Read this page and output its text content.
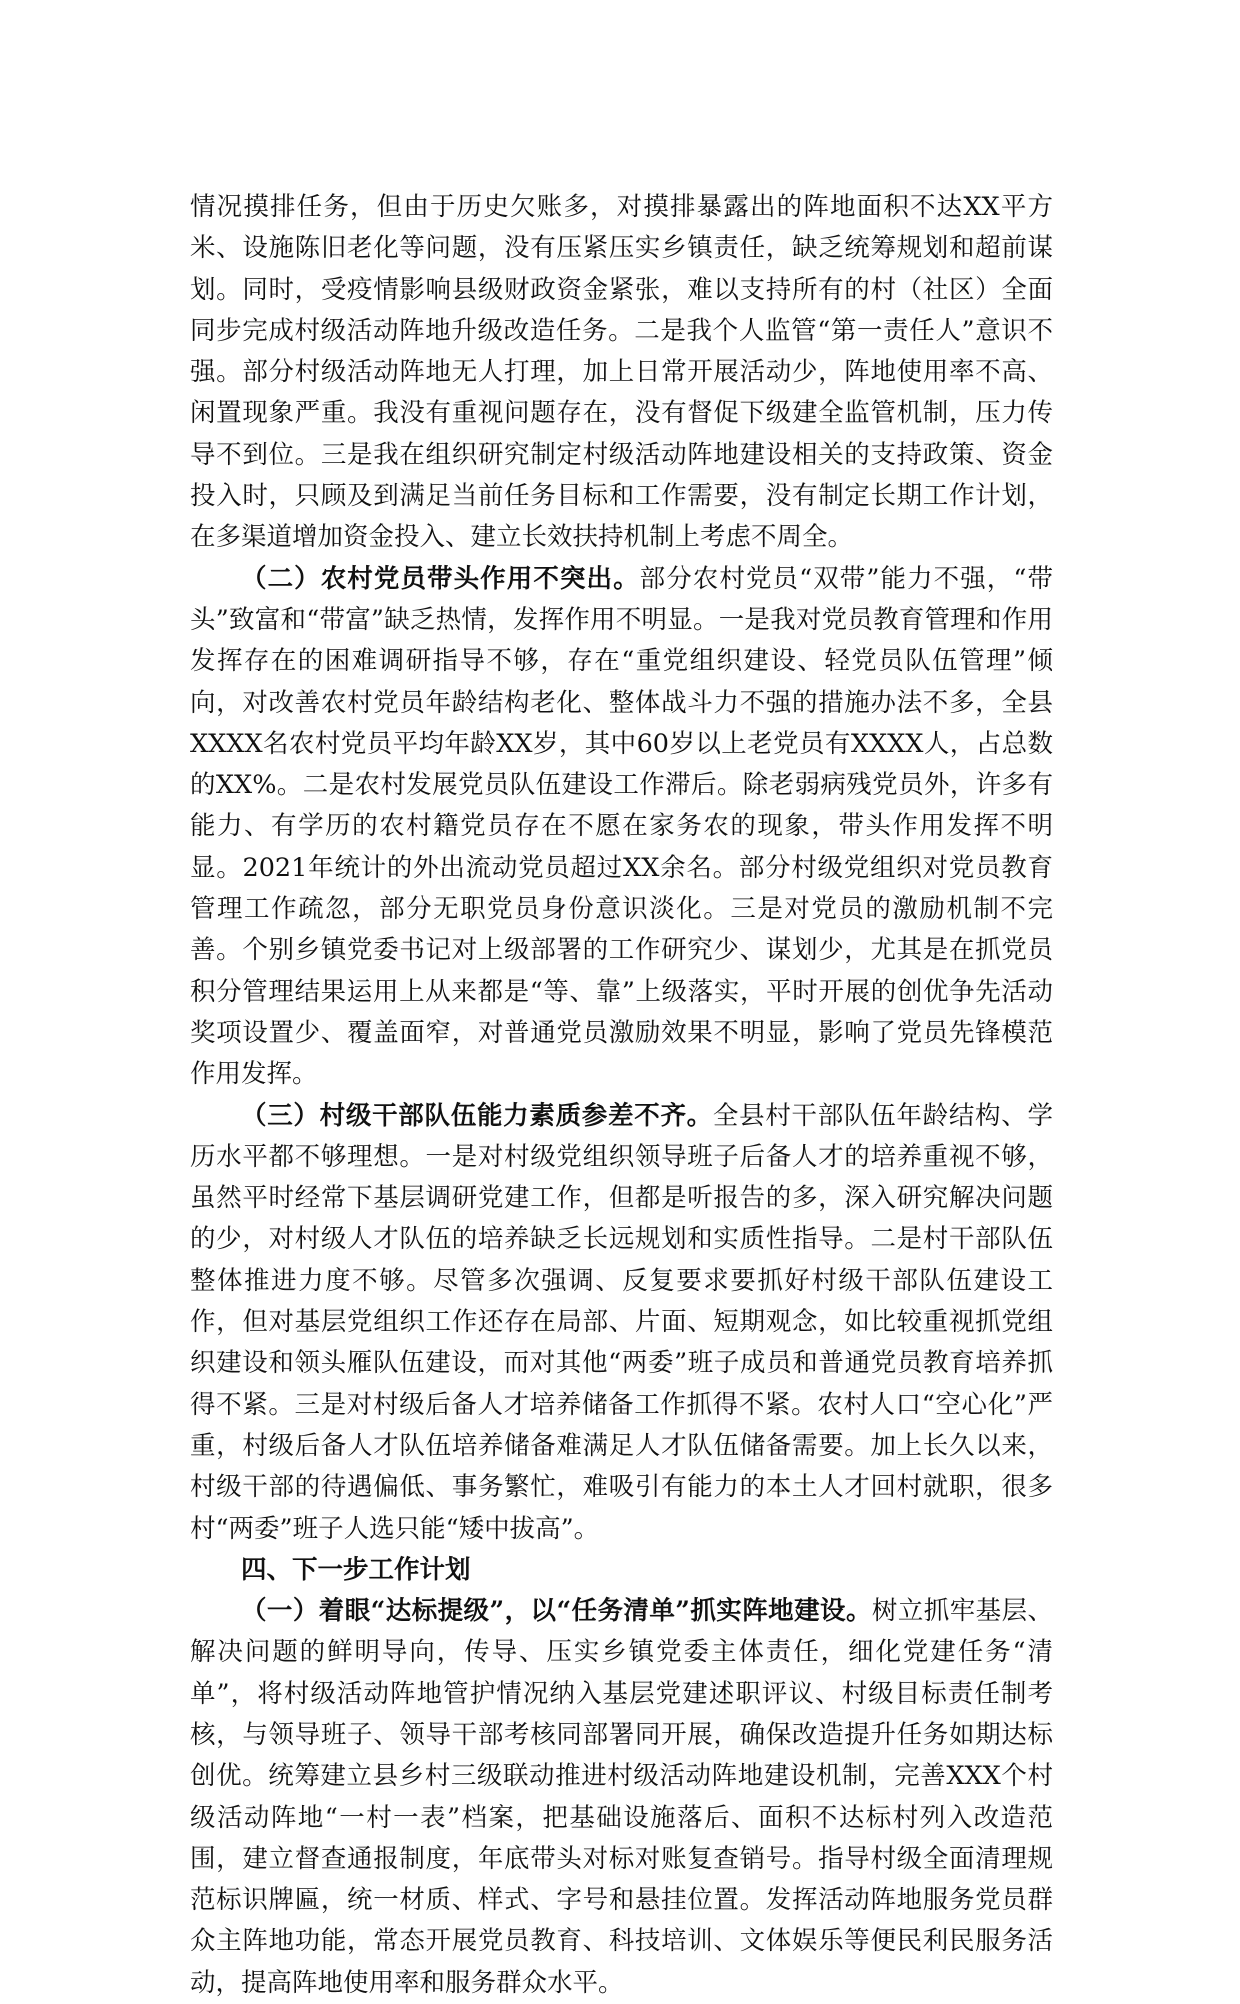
情况摸排任务，但由于历史欠账多，对摸排暴露出的阵地面积不达XX平方米、设施陈旧老化等问题，没有压紧压实乡镇责任，缺乏统筹规划和超前谋划。同时，受疫情影响县级财政资金紧张，难以支持所有的村（社区）全面同步完成村级活动阵地升级改造任务。二是我个人监管“第一责任人”意识不强。部分村级活动阵地无人打理，加上日常开展活动少，阵地使用率不高、闲置现象严重。我没有重视问题存在，没有督促下级建全监管机制，压力传导不到位。三是我在组织研究制定村级活动阵地建设相关的支持政策、资金投入时，只顾及到满足当前任务目标和工作需要，没有制定长期工作计划，在多渠道增加资金投入、建立长效扶持机制上考虑不周全。

（二）农村党员带头作用不突出。部分农村党员“双带”能力不强，“带头”致富和“带富”缺乏热情，发挥作用不明显。一是我对党员教育管理和作用发挥存在的困难调研指导不够，存在“重党组织建设、轻党员队伍管理”倾向，对改善农村党员年龄结构老化、整体战斗力不强的措施办法不多，全县XXXX名农村党员平均年龄XX岁，其中60岁以上老党员有XXXX人，占总数的XX%。二是农村发展党员队伍建设工作滞后。除老弱病残党员外，许多有能力、有学历的农村籍党员存在不愿在家务农的现象，带头作用发挥不明显。2021年统计的外出流动党员超过XX余名。部分村级党组织对党员教育管理工作疏忽，部分无职党员身份意识淡化。三是对党员的激励机制不完善。个别乡镇党委书记对上级部署的工作研究少、谋划少，尤其是在抓党员积分管理结果运用上从来都是“等、靠”上级落实，平时开展的创优争先活动奖项设置少、覆盖面窄，对普通党员激励效果不明显，影响了党员先锋模范作用发挥。

（三）村级干部队伍能力素质参差不齐。全县村干部队伍年龄结构、学历水平都不够理想。一是对村级党组织领导班子后备人才的培养重视不够，虽然平时经常下基层调研党建工作，但都是听报告的多，深入研究解决问题的少，对村级人才队伍的培养缺乏长远规划和实质性指导。二是村干部队伍整体推进力度不够。尽管多次强调、反复要求要抓好村级干部队伍建设工作，但对基层党组织工作还存在局部、片面、短期观念，如比较重视抓党组织建设和领头雁队伍建设，而对其他“两委”班子成员和普通党员教育培养抓得不紧。三是对村级后备人才培养储备工作抓得不紧。农村人口“空心化”严重，村级后备人才队伍培养储备难满足人才队伍储备需要。加上长久以来，村级干部的待遇偏低、事务繁忙，难吸引有能力的本土人才回村就职，很多村“两委”班子人选只能“矮中拔高”。

四、下一步工作计划

（一）着眼“达标提级”，以“任务清单”抓实阵地建设。树立抓牢基层、解决问题的鲜明导向，传导、压实乡镇党委主体责任，细化党建任务“清单”，将村级活动阵地管护情况纳入基层党建述职评议、村级目标责任制考核，与领导班子、领导干部考核同部署同开展，确保改造提升任务如期达标创优。统筹建立县乡村三级联动推进村级活动阵地建设机制，完善XXX个村级活动阵地“一村一表”档案，把基础设施落后、面积不达标村列入改造范围，建立督查通报制度，年底带头对标对账复查销号。指导村级全面清理规范标识牌匾，统一材质、样式、字号和悬挂位置。发挥活动阵地服务党员群众主阵地功能，常态开展党员教育、科技培训、文体娱乐等便民利民服务活动，提高阵地使用率和服务群众水平。
